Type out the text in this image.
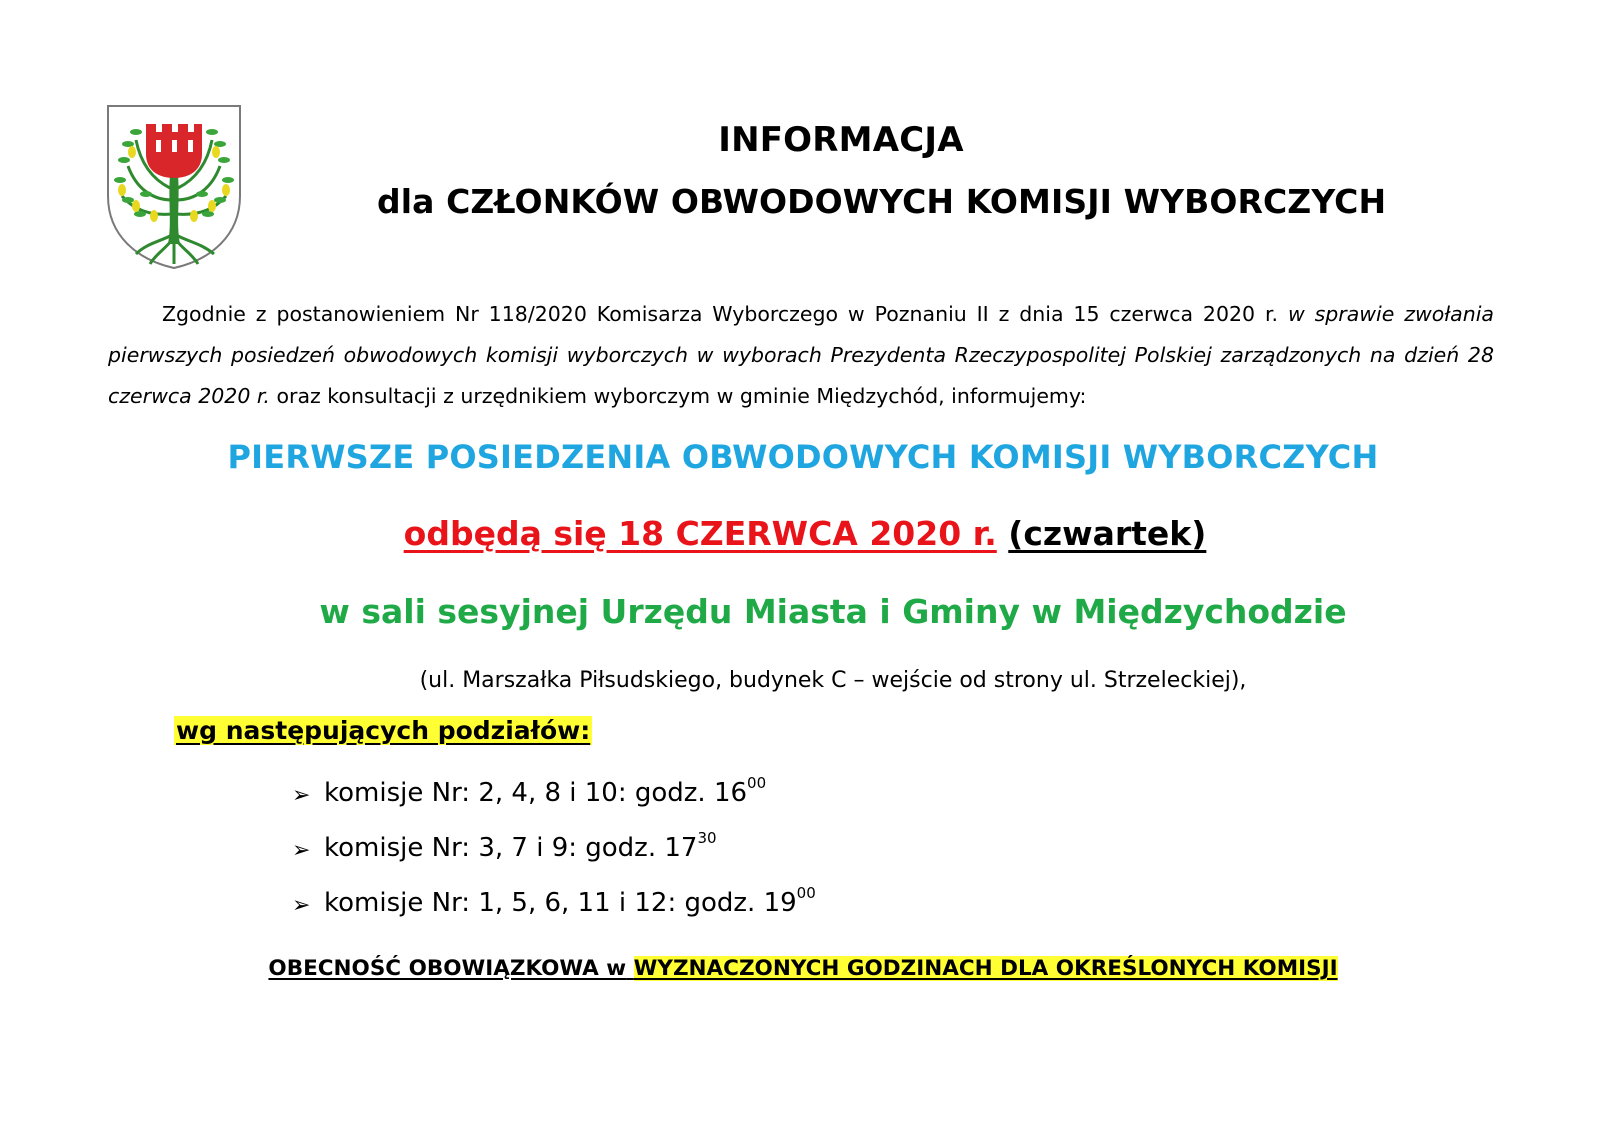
INFORMACJA
dla CZŁONKÓW OBWODOWYCH KOMISJI WYBORCZYCH
Zgodnie z postanowieniem Nr 118/2020 Komisarza Wyborczego w Poznaniu II z dnia 15 czerwca 2020 r. w sprawie zwołania pierwszych posiedzeń obwodowych komisji wyborczych w wyborach Prezydenta Rzeczypospolitej Polskiej zarządzonych na dzień 28 czerwca 2020 r. oraz konsultacji z urzędnikiem wyborczym w gminie Międzychód, informujemy:
PIERWSZE POSIEDZENIA OBWODOWYCH KOMISJI WYBORCZYCH
odbędą się 18 CZERWCA 2020 r. (czwartek)
w sali sesyjnej Urzędu Miasta i Gminy w Międzychodzie
(ul. Marszałka Piłsudskiego, budynek C – wejście od strony ul. Strzeleckiej),
wg następujących podziałów:
➢ komisje Nr: 2, 4, 8 i 10: godz. $16^{00}$
➢ komisje Nr: 3, 7 i 9: godz. $17^{30}$
➢ komisje Nr: 1, 5, 6, 11 i 12: godz. $19^{00}$
OBECNOŚĆ OBOWIĄZKOWA w WYZNACZONYCH GODZINACH DLA OKREŚLONYCH KOMISJI
